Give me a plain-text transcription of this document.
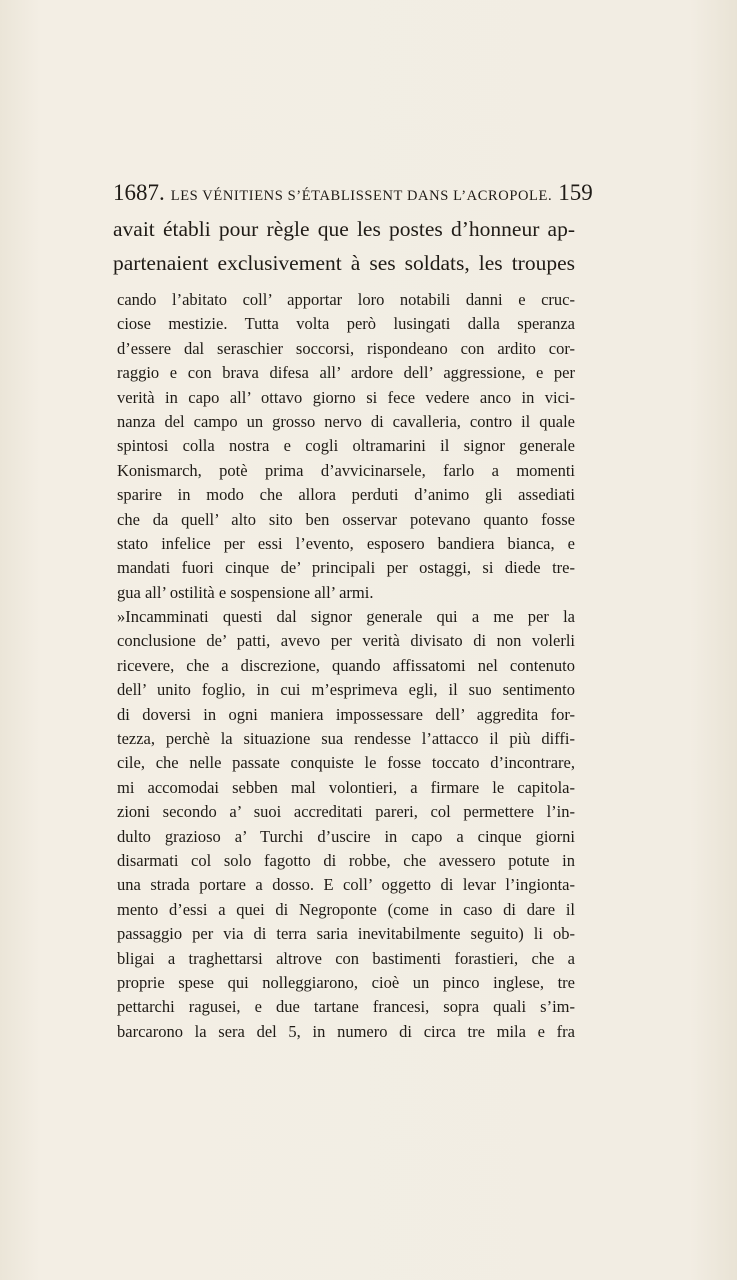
1687. LES VÉNITIENS S’ÉTABLISSENT DANS L’ACROPOLE. 159
avait établi pour règle que les postes d’honneur ap-
partenaient exclusivement à ses soldats, les troupes
cando l’abitato coll’ apportar loro notabili danni e cruc-
ciose mestizie. Tutta volta però lusingati dalla speranza
d’essere dal seraschier soccorsi, rispondeano con ardito cor-
raggio e con brava difesa all’ ardore dell’ aggressione, e per
verità in capo all’ ottavo giorno si fece vedere anco in vici-
nanza del campo un grosso nervo di cavalleria, contro il quale
spintosi colla nostra e cogli oltramarini il signor generale
Konismarch, potè prima d’avvicinarsele, farlo a momenti
sparire in modo che allora perduti d’animo gli assediati
che da quell’ alto sito ben osservar potevano quanto fosse
stato infelice per essi l’evento, esposero bandiera bianca, e
mandati fuori cinque de’ principali per ostaggi, si diede tre-
gua all’ ostilità e sospensione all’ armi.
»Incamminati questi dal signor generale qui a me per la
conclusione de’ patti, avevo per verità divisato di non volerli
ricevere, che a discrezione, quando affissatomi nel contenuto
dell’ unito foglio, in cui m’esprimeva egli, il suo sentimento
di doversi in ogni maniera impossessare dell’ aggredita for-
tezza, perchè la situazione sua rendesse l’attacco il più diffi-
cile, che nelle passate conquiste le fosse toccato d’incontrare,
mi accomodai sebben mal volontieri, a firmare le capitola-
zioni secondo a’ suoi accreditati pareri, col permettere l’in-
dulto grazioso a’ Turchi d’uscire in capo a cinque giorni
disarmati col solo fagotto di robbe, che avessero potute in
una strada portare a dosso. E coll’ oggetto di levar l’ingionta-
mento d’essi a quei di Negroponte (come in caso di dare il
passaggio per via di terra saria inevitabilmente seguito) li ob-
bligai a traghettarsi altrove con bastimenti forastieri, che a
proprie spese qui nolleggiarono, cioè un pinco inglese, tre
pettarchi ragusei, e due tartane francesi, sopra quali s’im-
barcarono la sera del 5, in numero di circa tre mila e fra
